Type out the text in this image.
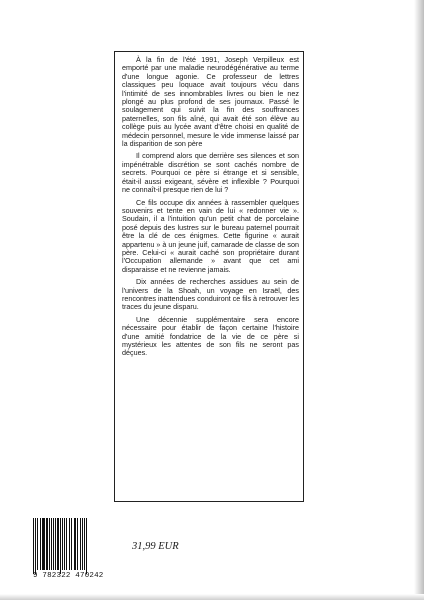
À la fin de l'été 1991, Joseph Verpilleux est emporté par une maladie neurodégénérative au terme d'une longue agonie. Ce professeur de lettres classiques peu loquace avait toujours vécu dans l'intimité de ses innombrables livres ou bien le nez plongé au plus profond de ses journaux. Passé le soulagement qui suivit la fin des souffrances paternelles, son fils aîné, qui avait été son élève au collège puis au lycée avant d'être choisi en qualité de médecin personnel, mesure le vide immense laissé par la disparition de son père

Il comprend alors que derrière ses silences et son impénétrable discrétion se sont cachés nombre de secrets. Pourquoi ce père si étrange et si sensible, était-il aussi exigeant, sévère et inflexible ? Pourquoi ne connaît-il presque rien de lui ?

Ce fils occupe dix années à rassembler quelques souvenirs et tente en vain de lui « redonner vie ». Soudain, il a l'intuition qu'un petit chat de porcelaine posé depuis des lustres sur le bureau paternel pourrait être la clé de ces énigmes. Cette figurine « aurait appartenu » à un jeune juif, camarade de classe de son père. Celui-ci « aurait caché son propriétaire durant l'Occupation allemande » avant que cet ami disparaisse et ne revienne jamais.

Dix années de recherches assidues au sein de l'univers de la Shoah, un voyage en Israël, des rencontres inattendues conduiront ce fils à retrouver les traces du jeune disparu.

Une décennie supplémentaire sera encore nécessaire pour établir de façon certaine l'histoire d'une amitié fondatrice de la vie de ce père si mystérieux les attentes de son fils ne seront pas déçues.

9 782322 470242
31,99 EUR
